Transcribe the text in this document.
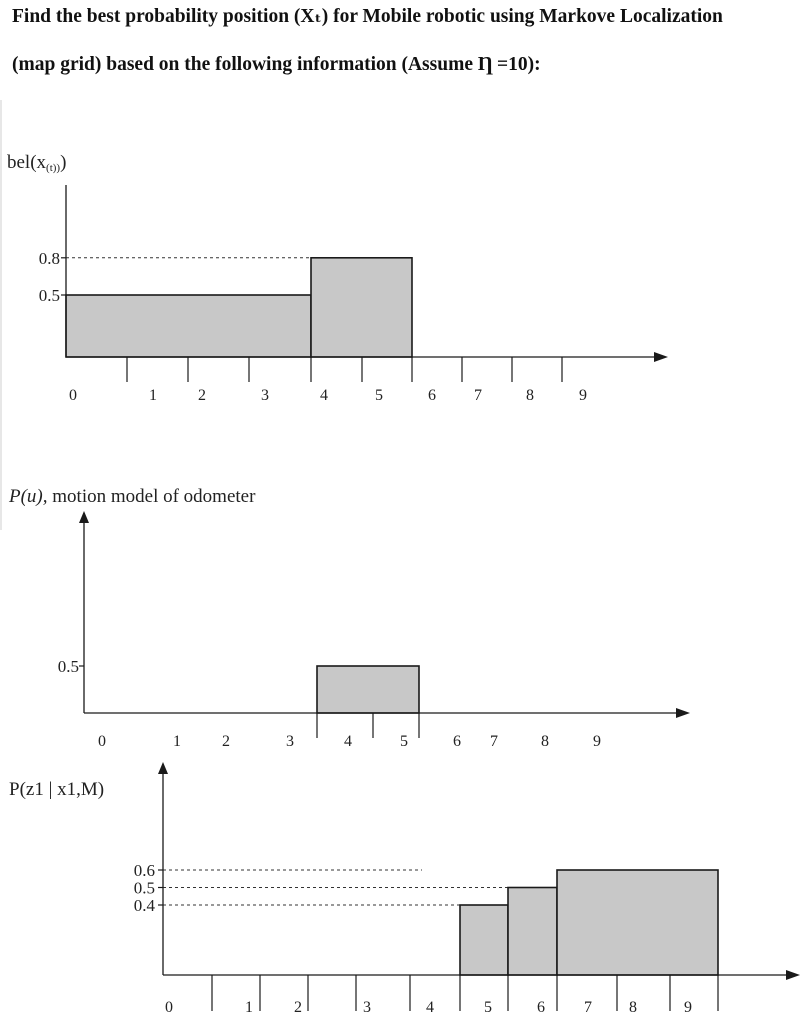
Find the best probability position (Xₜ) for Mobile robotic using Markove Localization

(map grid) based on the following information (Assume Ƞ =10):

bel(x(t)))
0.8
0.5
0	1	2	3	4	5	6 7	8	9
P(u), motion model of odometer
0.5
0	1	2	3	4	5	6 7	8	9
P(z1 | x1,M)
0.6
0.5
0.4
0	1	2	3	4	5	6 7 8	9
